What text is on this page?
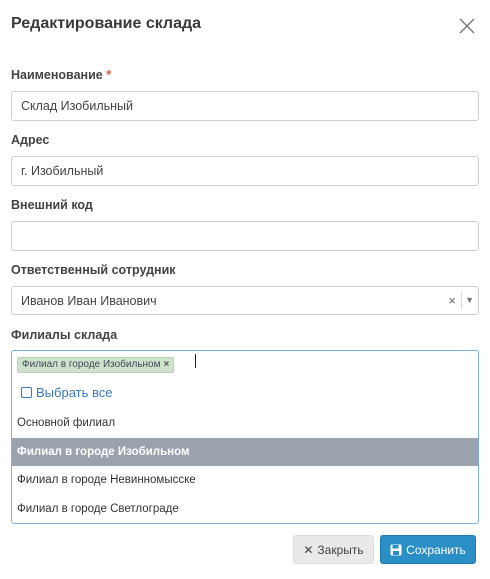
Редактирование склада
Наименование *
Склад Изобильный
Адрес
г. Изобильный
Внешний код
Ответственный сотрудник
Иванов Иван Иванович	× ▼
Филиалы склада
Филиал в городе Изобильном ×
Выбрать все
Основной филиал
Филиал в городе Изобильном
Филиал в городе Невинномысске
Филиал в городе Светлограде
✕ Закрыть	Сохранить
